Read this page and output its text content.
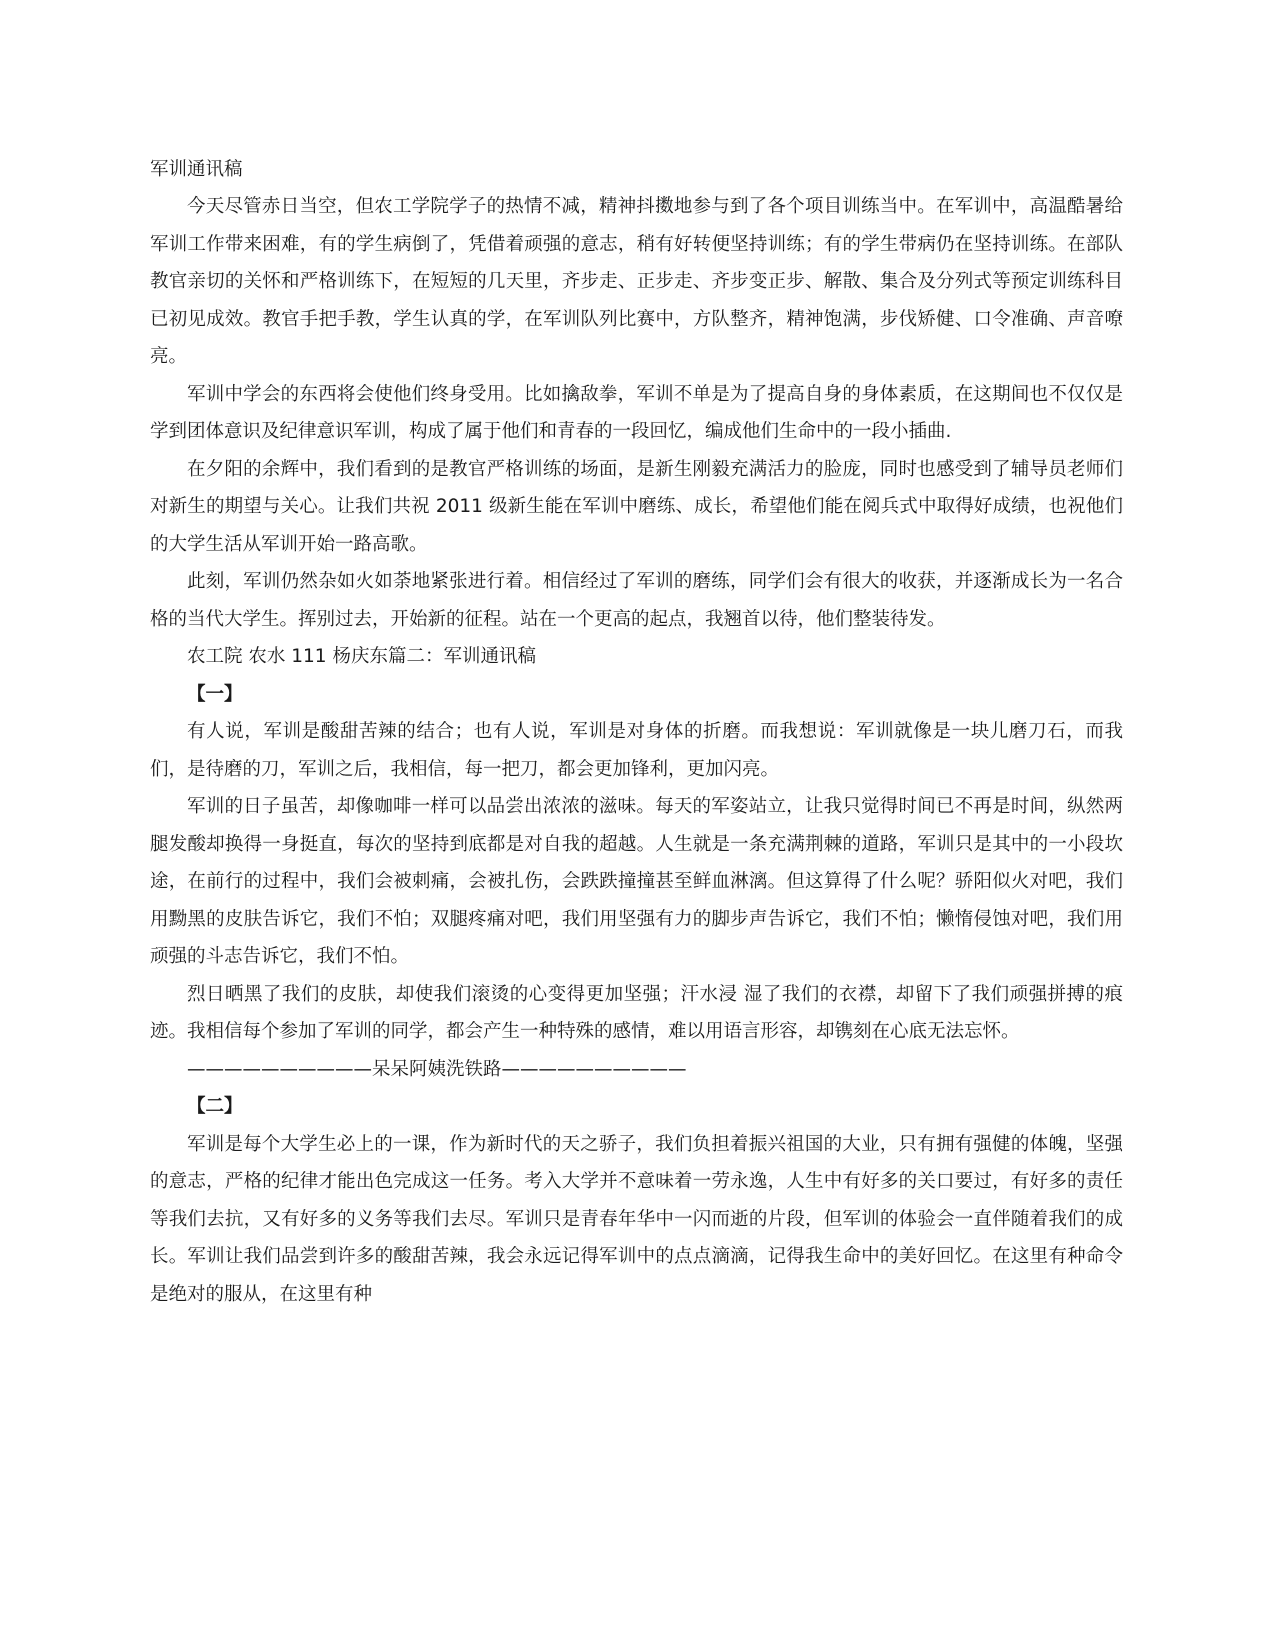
军训通讯稿

今天尽管赤日当空，但农工学院学子的热情不减，精神抖擞地参与到了各个项目训练当中。在军训中，高温酷暑给军训工作带来困难，有的学生病倒了，凭借着顽强的意志，稍有好转便坚持训练；有的学生带病仍在坚持训练。在部队教官亲切的关怀和严格训练下，在短短的几天里，齐步走、正步走、齐步变正步、解散、集合及分列式等预定训练科目已初见成效。教官手把手教，学生认真的学，在军训队列比赛中，方队整齐，精神饱满，步伐矫健、口令准确、声音嘹亮。

军训中学会的东西将会使他们终身受用。比如擒敌拳，军训不单是为了提高自身的身体素质，在这期间也不仅仅是学到团体意识及纪律意识军训，构成了属于他们和青春的一段回忆，编成他们生命中的一段小插曲.

在夕阳的余辉中，我们看到的是教官严格训练的场面，是新生刚毅充满活力的脸庞，同时也感受到了辅导员老师们对新生的期望与关心。让我们共祝 2011 级新生能在军训中磨练、成长，希望他们能在阅兵式中取得好成绩，也祝他们的大学生活从军训开始一路高歌。

此刻，军训仍然杂如火如荼地紧张进行着。相信经过了军训的磨练，同学们会有很大的收获，并逐渐成长为一名合格的当代大学生。挥别过去，开始新的征程。站在一个更高的起点，我翘首以待，他们整装待发。

农工院 农水 111 杨庆东篇二：军训通讯稿

【一】

有人说，军训是酸甜苦辣的结合；也有人说，军训是对身体的折磨。而我想说：军训就像是一块儿磨刀石，而我们，是待磨的刀，军训之后，我相信，每一把刀，都会更加锋利，更加闪亮。

军训的日子虽苦，却像咖啡一样可以品尝出浓浓的滋味。每天的军姿站立，让我只觉得时间已不再是时间，纵然两腿发酸却换得一身挺直，每次的坚持到底都是对自我的超越。人生就是一条充满荆棘的道路，军训只是其中的一小段坎途，在前行的过程中，我们会被刺痛，会被扎伤，会跌跌撞撞甚至鲜血淋漓。但这算得了什么呢？骄阳似火对吧，我们用黝黑的皮肤告诉它，我们不怕；双腿疼痛对吧，我们用坚强有力的脚步声告诉它，我们不怕；懒惰侵蚀对吧，我们用顽强的斗志告诉它，我们不怕。

烈日晒黑了我们的皮肤，却使我们滚烫的心变得更加坚强；汗水浸 湿了我们的衣襟，却留下了我们顽强拼搏的痕迹。我相信每个参加了军训的同学，都会产生一种特殊的感情，难以用语言形容，却镌刻在心底无法忘怀。

——————————呆呆阿姨洗铁路——————————

【二】

军训是每个大学生必上的一课，作为新时代的天之骄子，我们负担着振兴祖国的大业，只有拥有强健的体魄，坚强的意志，严格的纪律才能出色完成这一任务。考入大学并不意味着一劳永逸，人生中有好多的关口要过，有好多的责任等我们去抗，又有好多的义务等我们去尽。军训只是青春年华中一闪而逝的片段，但军训的体验会一直伴随着我们的成长。军训让我们品尝到许多的酸甜苦辣，我会永远记得军训中的点点滴滴，记得我生命中的美好回忆。在这里有种命令是绝对的服从，在这里有种
